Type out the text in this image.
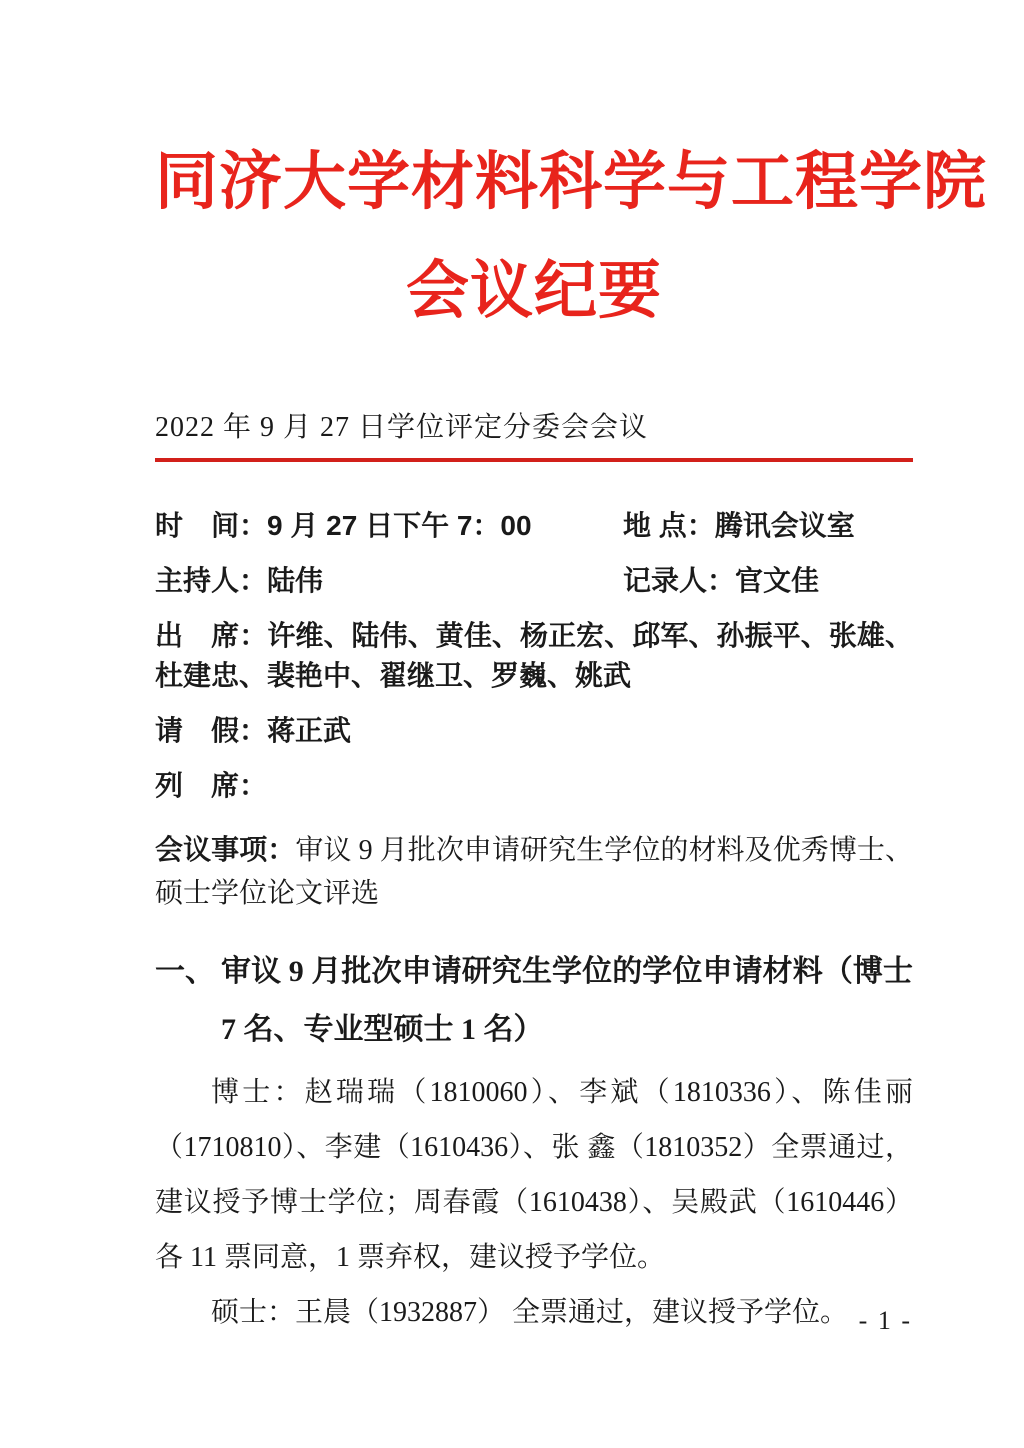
同济大学材料科学与工程学院
会议纪要
2022 年 9 月 27 日学位评定分委会会议
时　间：9 月 27 日下午 7：00	地 点：腾讯会议室
主持人：陆伟	记录人：官文佳
出　席：许维、陆伟、黄佳、杨正宏、邱军、孙振平、张雄、杜建忠、裴艳中、翟继卫、罗巍、姚武
请　假：蒋正武
列　席：
会议事项：审议 9 月批次申请研究生学位的材料及优秀博士、硕士学位论文评选
一、 审议 9 月批次申请研究生学位的学位申请材料（博士 7 名、专业型硕士 1 名）

博士：赵瑞瑞（1810060）、李斌（1810336）、陈佳丽（1710810）、李建（1610436）、张 鑫（1810352）全票通过，建议授予博士学位；周春霞（1610438）、吴殿武（1610446）各 11 票同意，1 票弃权，建议授予学位。

硕士：王晨（1932887） 全票通过，建议授予学位。 - 1 -
